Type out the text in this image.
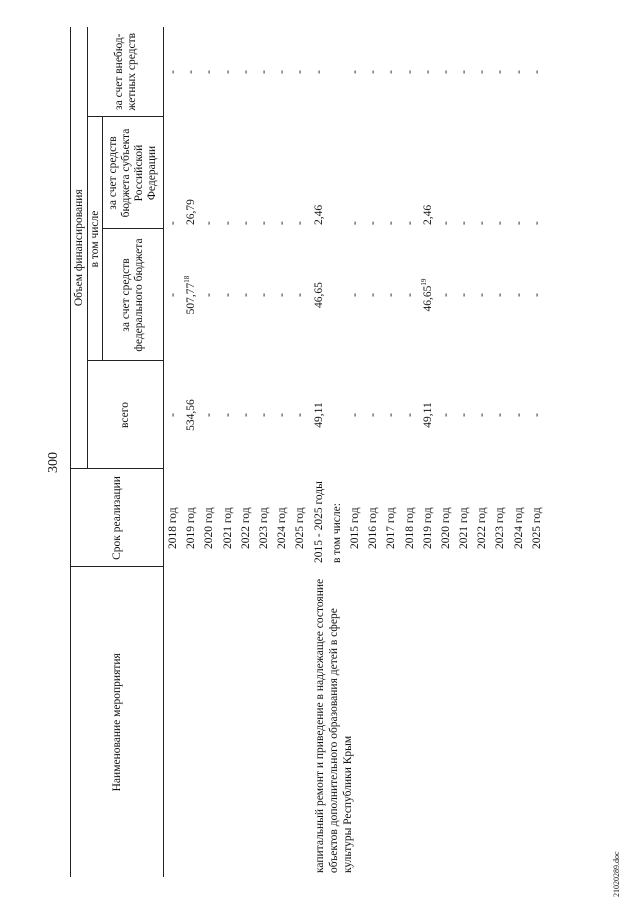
300
Наименование мероприятия	Срок реализации	Объем финансирования			
		всего	в том числе		за счет внебюд-жетных средств
			за счет средств федерального бюджета	за счет средств бюджета субъекта Российской Федерации	
	2018 год	-	-	-	-
	2019 год	534,56	507,77$^{18}$	26,79	-
	2020 год	-	-	-	-
	2021 год	-	-	-	-
	2022 год	-	-	-	-
	2023 год	-	-	-	-
	2024 год	-	-	-	-
	2025 год	-	-	-	-
капитальный ремонт и приведение в надлежащее состояние объектов дополнительного образования детей в сфере культуры Республики Крым	2015 - 2025 годы	49,11	46,65	2,46	-
	в том числе:				
	2015 год	-	-	-	-
	2016 год	-	-	-	-
	2017 год	-	-	-	-
	2018 год	-	-	-	-
	2019 год	49,11	46,65$^{19}$	2,46	-
	2020 год	-	-	-	-
	2021 год	-	-	-	-
	2022 год	-	-	-	-
	2023 год	-	-	-	-
	2024 год	-	-	-	-
	2025 год	-	-	-	-
21020289.doc
